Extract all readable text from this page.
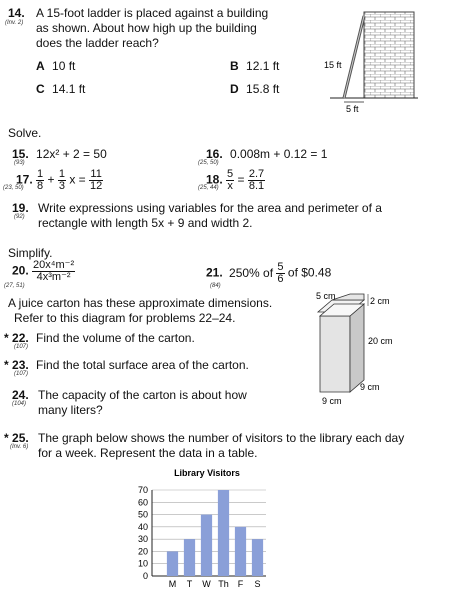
14.
(Inv. 2)
A 15-foot ladder is placed against a building
as shown. About how high up the building
does the ladder reach?
A 10 ft	B 12.1 ft
C 14.1 ft	D 15.8 ft
15 ft
5 ft
Solve.
15. 12x² + 2 = 50
(93)
16. 0.008m + 0.12 = 1
(25, 50)
17. $\frac{1}{8} + \frac{1}{3}$ $x = \frac{11}{12}$
(23, 50)
18. $\frac{5}{x} = \frac{2.7}{8.1}$
(25, 44)
19.
(92)
Write expressions using variables for the area and perimeter of a
rectangle with length 5x + 9 and width 2.
Simplify.
20. $\frac{\text{20x⁴m⁻²}}{\text{4x³m⁻²}}$
(27, 51)
21. 250% of $\frac{5}{6}$ of $0.48
(84)
A juice carton has these approximate dimensions.
Refer to this diagram for problems 22–24.
* 22. Find the volume of the carton.
(107)
* 23. Find the total surface area of the carton.
(107)
24.
(104)
The capacity of the carton is about how
many liters?
5 cm	2 cm
20 cm
9 cm
9 cm
* 25.
(Inv. 6)
The graph below shows the number of visitors to the library each day
for a week. Represent the data in a table.
Library Visitors
0
10
20
30
40
50
60
70
M T W Th F S
